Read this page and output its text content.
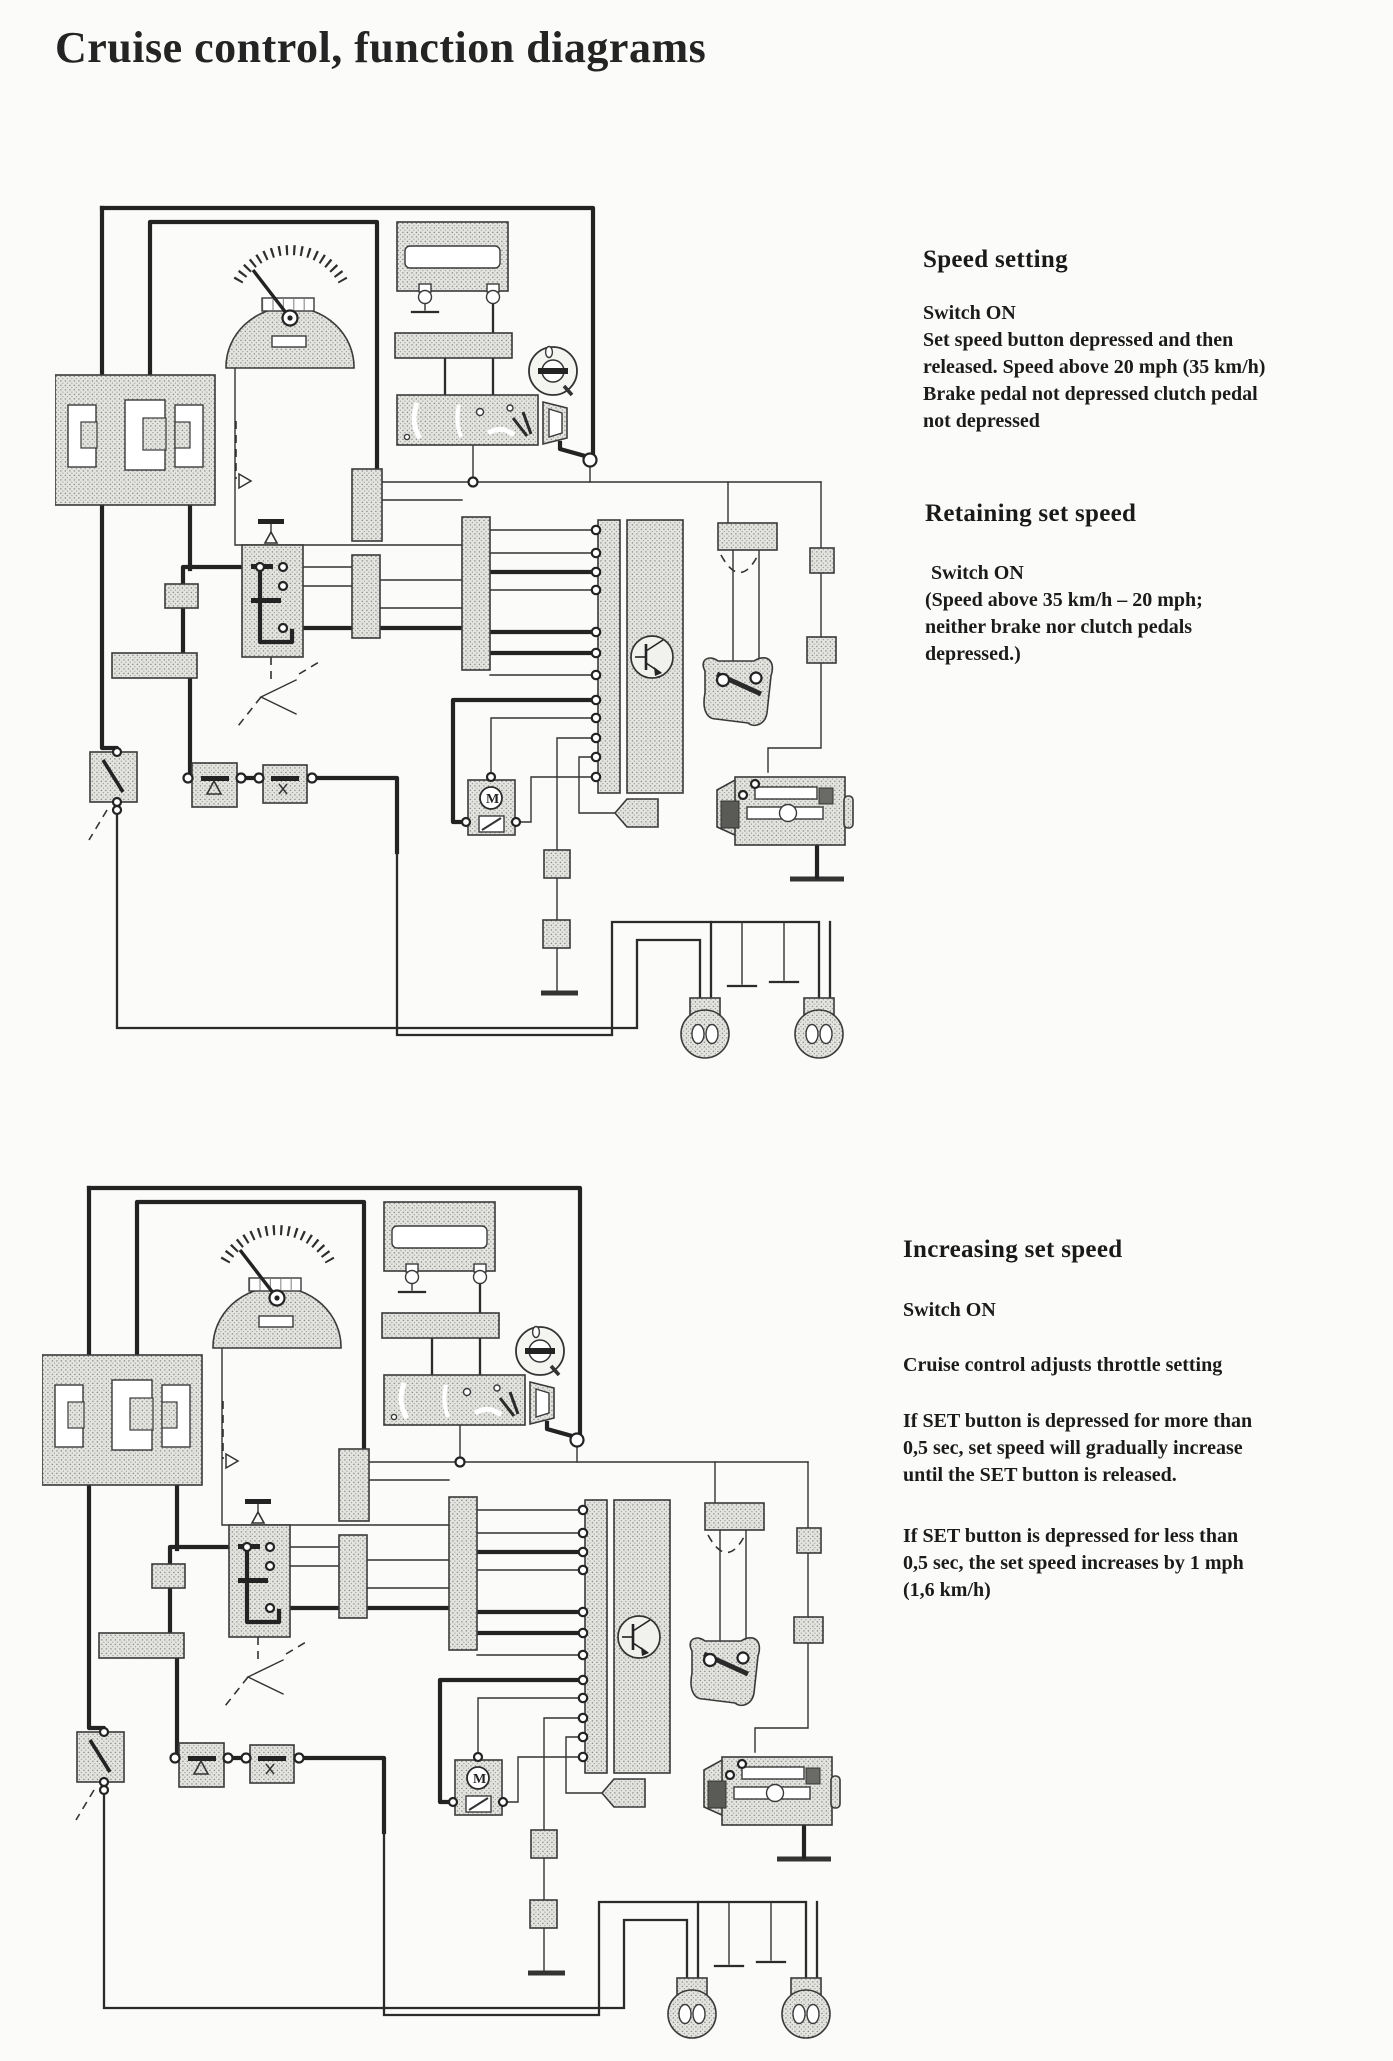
Cruise control, function diagrams
Speed setting
Switch ON
Set speed button depressed and then
released. Speed above 20 mph (35 km/h)
Brake pedal not depressed clutch pedal
not depressed
Retaining set speed
Switch ON
(Speed above 35 km/h – 20 mph;
neither brake nor clutch pedals
depressed.)
Increasing set speed
Switch ON
Cruise control adjusts throttle setting
If SET button is depressed for more than
0,5 sec, set speed will gradually increase
until the SET button is released.
If SET button is depressed for less than
0,5 sec, the set speed increases by 1 mph
(1,6 km/h)
